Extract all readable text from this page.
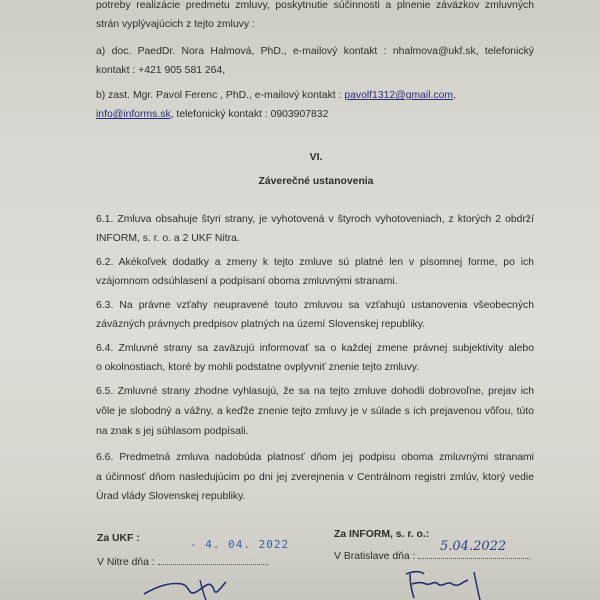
potreby realizácie predmetu zmluvy, poskytnutie súčinnosti a plnenie záväzkov zmluvných
strán vyplývajúcich z tejto zmluvy :
a) doc. PaedDr. Nora Halmová, PhD., e-mailový kontakt : nhalmova@ukf.sk, telefonický
kontakt : +421 905 581 264,
b) zast. Mgr. Pavol Ferenc , PhD., e-mailový kontakt : pavolf1312@gmail.com,
info@informs.sk, telefonický kontakt : 0903907832
VI.
Záverečné ustanovenia
6.1. Zmluva obsahuje štyri strany, je vyhotovená v štyroch vyhotoveniach, z ktorých 2 obdrží
INFORM, s. r. o. a 2 UKF Nitra.
6.2. Akékoľvek dodatky a zmeny k tejto zmluve sú platné len v písomnej forme, po ich
vzájomnom odsúhlasení a podpísaní oboma zmluvnými stranami.
6.3. Na právne vzťahy neupravené touto zmluvou sa vzťahujú ustanovenia všeobecných
záväzných právnych predpisov platných na území Slovenskej republiky.
6.4. Zmluvné strany sa zaväzujú informovať sa o každej zmene právnej subjektivity alebo
o okolnostiach, ktoré by mohli podstatne ovplyvniť znenie tejto zmluvy.
6.5. Zmluvné strany zhodne vyhlasujú, že sa na tejto zmluve dohodli dobrovoľne, prejav ich
vôle je slobodný a vážny, a keďže znenie tejto zmluvy je v súlade s ich prejavenou vôľou, túto
na znak s jej súhlasom podpísali.
6.6. Predmetná zmluva nadobúda platnosť dňom jej podpisu oboma zmluvnými stranami
a účinnosť dňom nasledujúcim po dni jej zverejnenia v Centrálnom registri zmlúv, ktorý vedie
Úrad vlády Slovenskej republiky.
Za UKF :
V Nitre dňa :
- 4. 04. 2022
Za INFORM, s. r. o.:
V Bratislave dňa :
5.04.2022
